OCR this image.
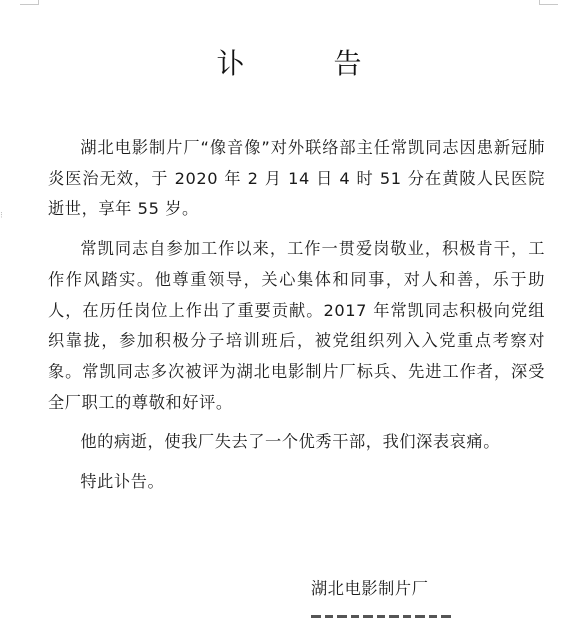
⁝
讣 告

湖北电影制片厂“像音像”对外联络部主任常凯同志因患新冠肺炎医治无效，于 2020 年 2 月 14 日 4 时 51 分在黄陂人民医院逝世，享年 55 岁。

常凯同志自参加工作以来，工作一贯爱岗敬业，积极肯干，工作作风踏实。他尊重领导，关心集体和同事，对人和善，乐于助人，在历任岗位上作出了重要贡献。2017 年常凯同志积极向党组织靠拢，参加积极分子培训班后，被党组织列入入党重点考察对象。常凯同志多次被评为湖北电影制片厂标兵、先进工作者，深受全厂职工的尊敬和好评。

他的病逝，使我厂失去了一个优秀干部，我们深表哀痛。

特此讣告。

湖北电影制片厂
